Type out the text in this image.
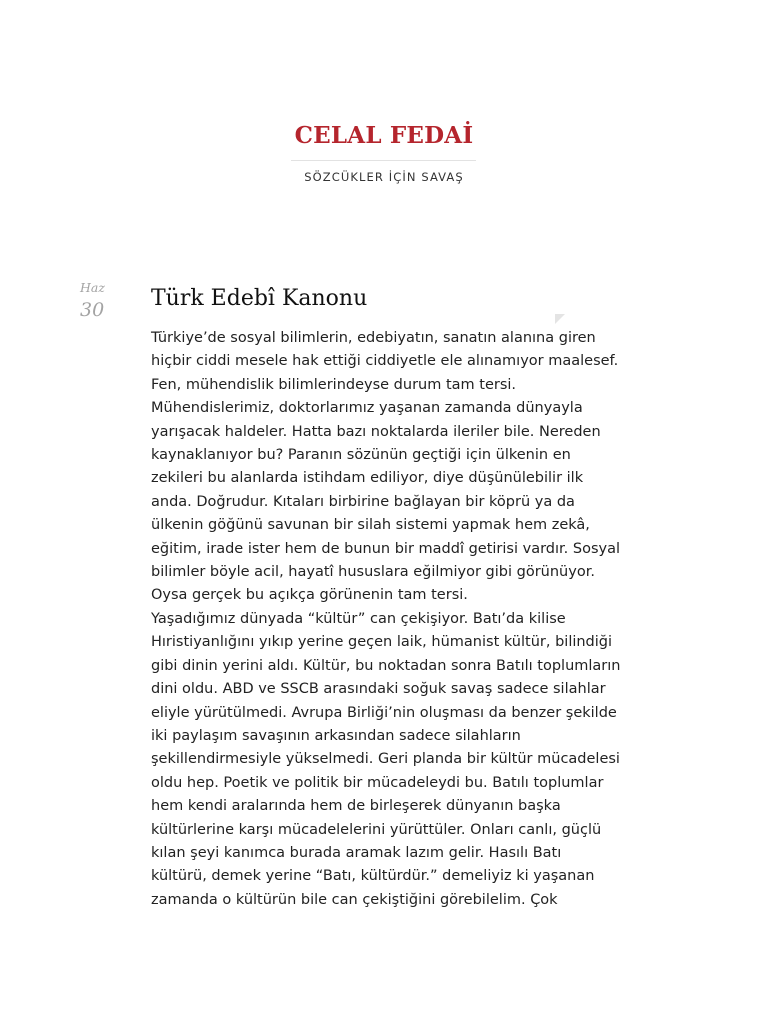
CELAL FEDAİ

SÖZCÜKLER İÇİN SAVAŞ

Haz
30	Türk Edebî Kanonu

Türkiye’de sosyal bilimlerin, edebiyatın, sanatın alanına giren hiçbir ciddi mesele hak ettiği ciddiyetle ele alınamıyor maalesef. Fen, mühendislik bilimlerindeyse durum tam tersi. Mühendislerimiz, doktorlarımız yaşanan zamanda dünyayla yarışacak haldeler. Hatta bazı noktalarda ileriler bile. Nereden kaynaklanıyor bu? Paranın sözünün geçtiği için ülkenin en zekileri bu alanlarda istihdam ediliyor, diye düşünülebilir ilk anda. Doğrudur. Kıtaları birbirine bağlayan bir köprü ya da ülkenin göğünü savunan bir silah sistemi yapmak hem zekâ, eğitim, irade ister hem de bunun bir maddî getirisi vardır. Sosyal bilimler böyle acil, hayatî hususlara eğilmiyor gibi görünüyor. Oysa gerçek bu açıkça görünenin tam tersi.

Yaşadığımız dünyada “kültür” can çekişiyor. Batı’da kilise Hıristiyanlığını yıkıp yerine geçen laik, hümanist kültür, bilindiği gibi dinin yerini aldı. Kültür, bu noktadan sonra Batılı toplumların dini oldu. ABD ve SSCB arasındaki soğuk savaş sadece silahlar eliyle yürütülmedi. Avrupa Birliği’nin oluşması da benzer şekilde iki paylaşım savaşının arkasından sadece silahların şekillendirmesiyle yükselmedi. Geri planda bir kültür mücadelesi oldu hep. Poetik ve politik bir mücadeleydi bu. Batılı toplumlar hem kendi aralarında hem de birleşerek dünyanın başka kültürlerine karşı mücadelelerini yürüttüler. Onları canlı, güçlü kılan şeyi kanımca burada aramak lazım gelir. Hasılı Batı kültürü, demek yerine “Batı, kültürdür.” demeliyiz ki yaşanan zamanda o kültürün bile can çekiştiğini görebilelim. Çok
